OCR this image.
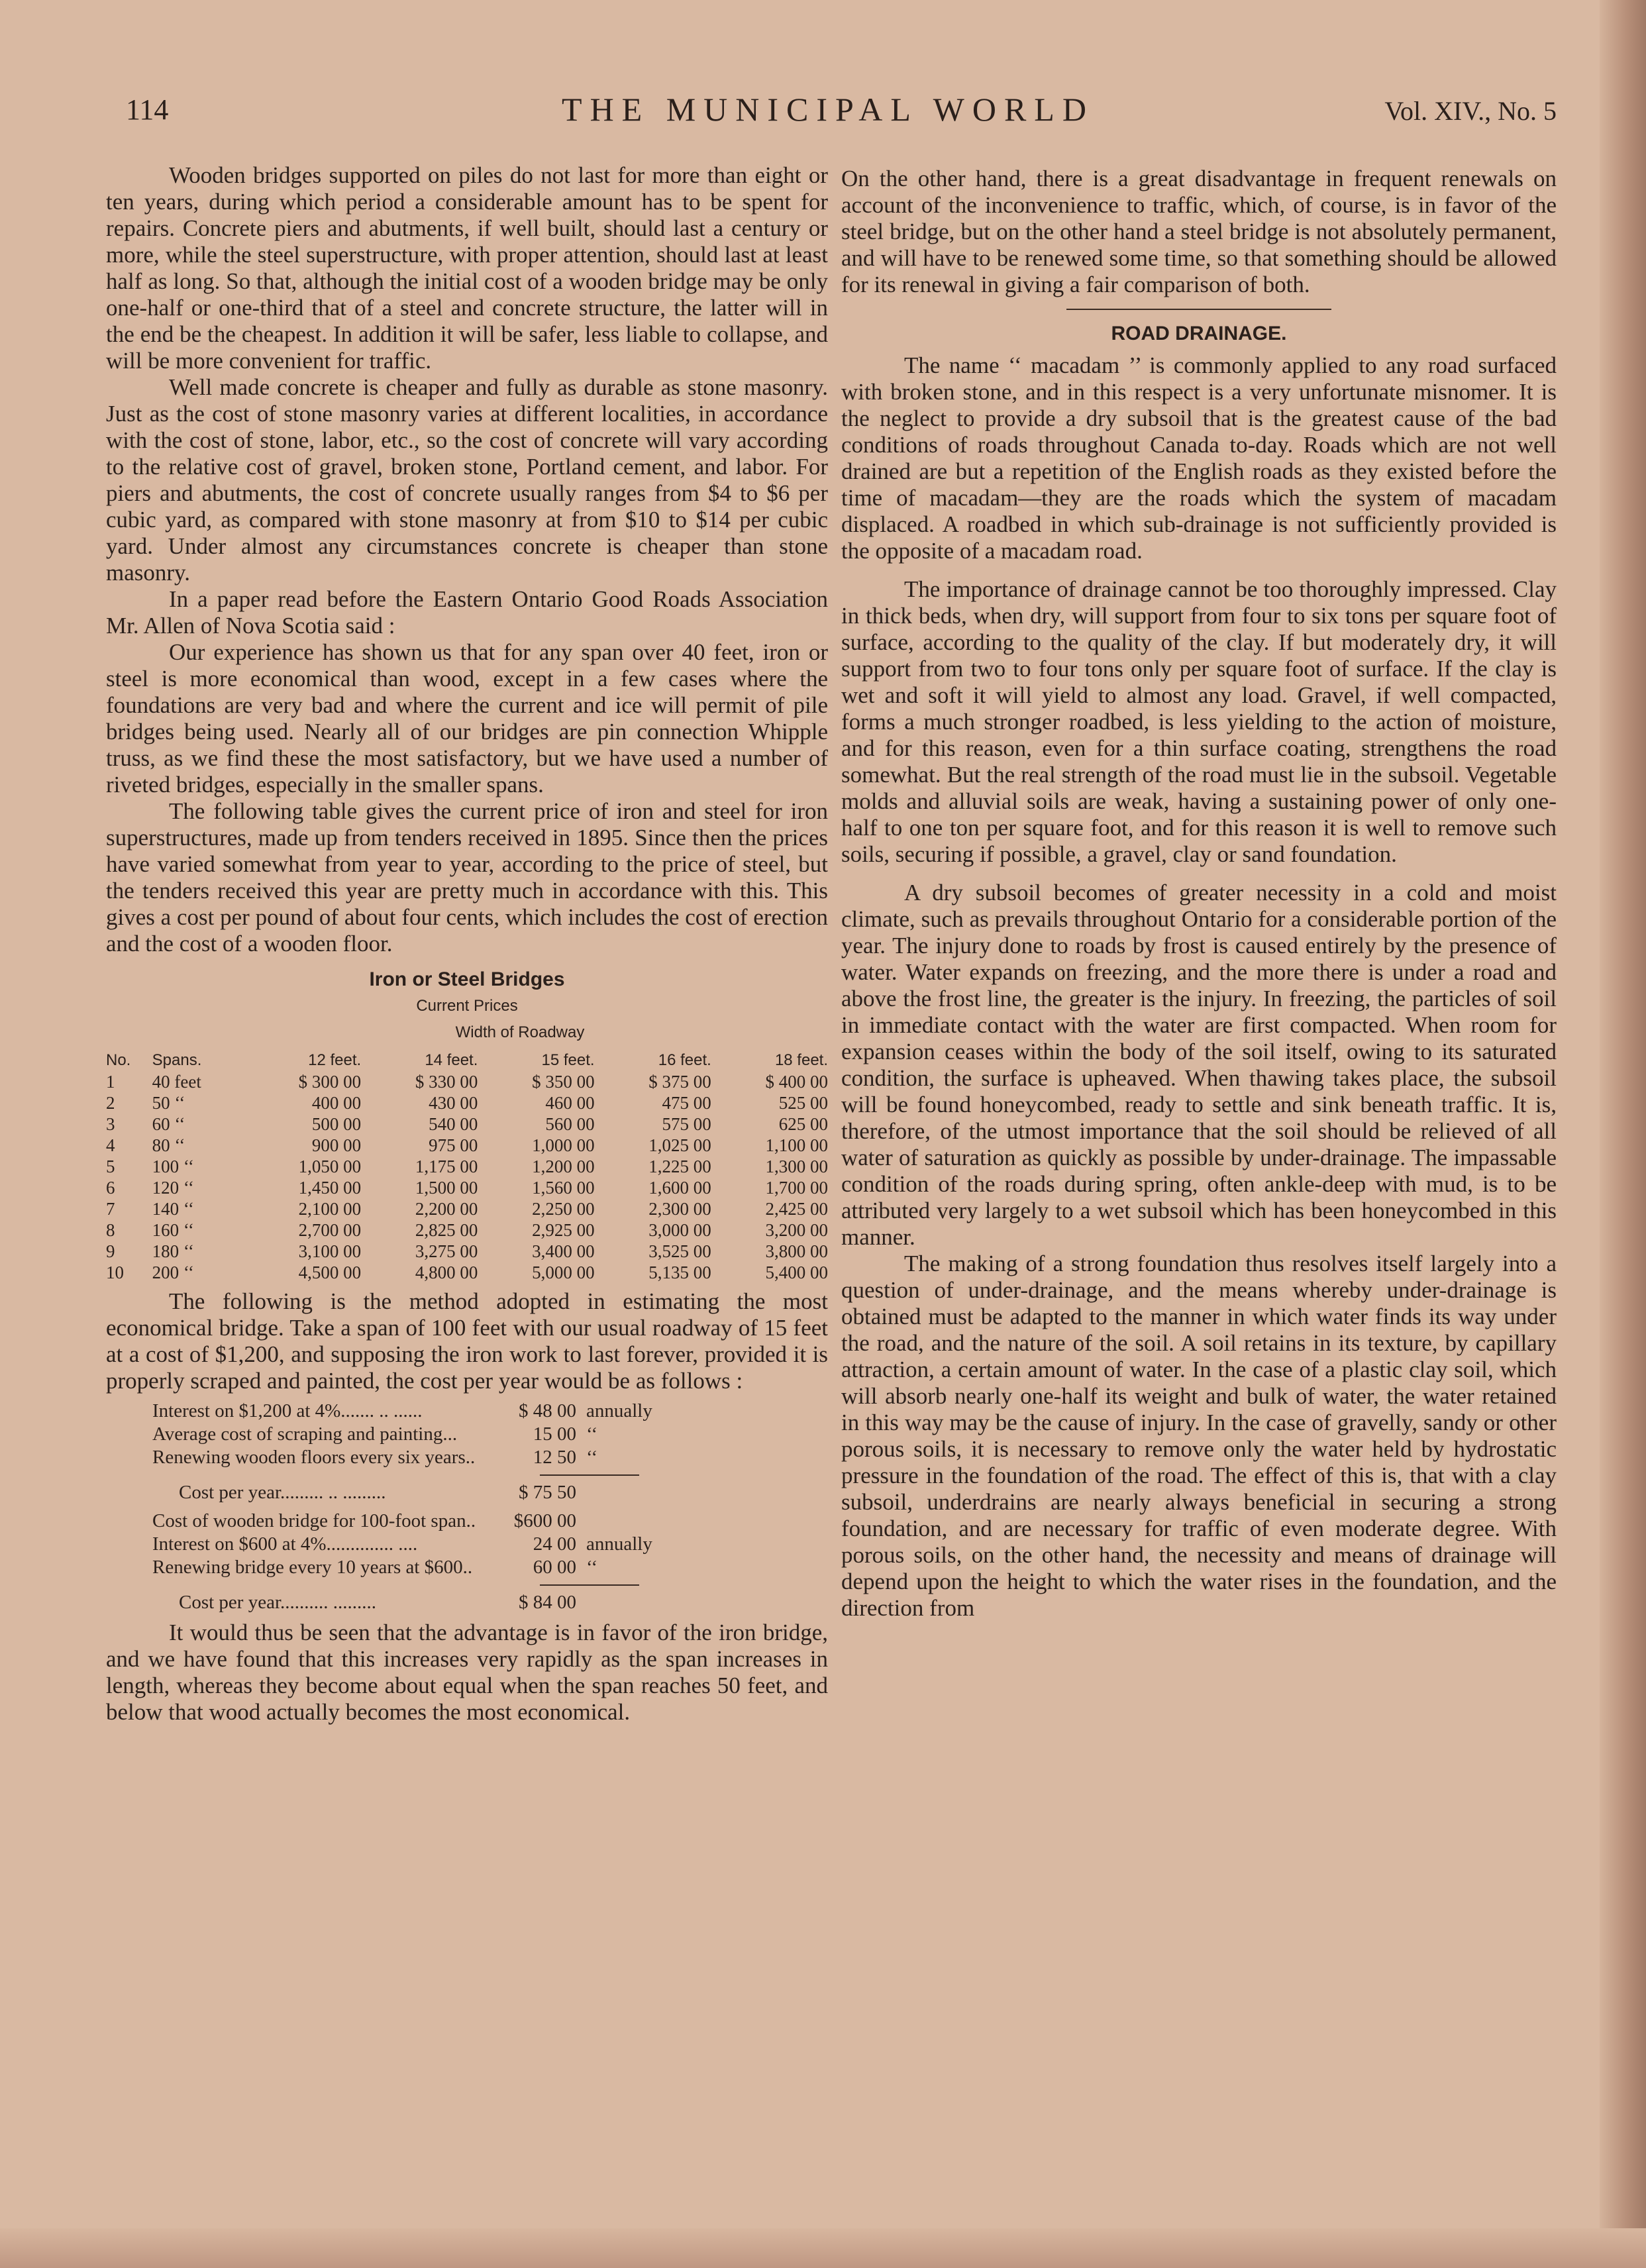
THE MUNICIPAL WORLD
114	Vol. XIV., No. 5

Wooden bridges supported on piles do not last for more than eight or ten years, during which period a considerable amount has to be spent for repairs. Concrete piers and abutments, if well built, should last a century or more, while the steel superstructure, with proper attention, should last at least half as long. So that, although the initial cost of a wooden bridge may be only one-half or one-third that of a steel and concrete structure, the latter will in the end be the cheapest. In addition it will be safer, less liable to collapse, and will be more convenient for traffic.

Well made concrete is cheaper and fully as durable as stone masonry. Just as the cost of stone masonry varies at different localities, in accordance with the cost of stone, labor, etc., so the cost of concrete will vary according to the relative cost of gravel, broken stone, Portland cement, and labor. For piers and abutments, the cost of concrete usually ranges from $4 to $6 per cubic yard, as compared with stone masonry at from $10 to $14 per cubic yard. Under almost any circumstances concrete is cheaper than stone masonry.

In a paper read before the Eastern Ontario Good Roads Association Mr. Allen of Nova Scotia said :

Our experience has shown us that for any span over 40 feet, iron or steel is more economical than wood, except in a few cases where the foundations are very bad and where the current and ice will permit of pile bridges being used. Nearly all of our bridges are pin connection Whipple truss, as we find these the most satisfactory, but we have used a number of riveted bridges, especially in the smaller spans.

The following table gives the current price of iron and steel for iron superstructures, made up from tenders received in 1895. Since then the prices have varied somewhat from year to year, according to the price of steel, but the tenders received this year are pretty much in accordance with this. This gives a cost per pound of about four cents, which includes the cost of erection and the cost of a wooden floor.

Iron or Steel Bridges
Current Prices
Width of Roadway
No.	Spans.	12 feet.	14 feet.	15 feet.	16 feet.	18 feet.
1	40 feet	$ 300 00	$ 330 00	$ 350 00	$ 375 00	$ 400 00
2	50 ‘‘	400 00	430 00	460 00	475 00	525 00
3	60 ‘‘	500 00	540 00	560 00	575 00	625 00
4	80 ‘‘	900 00	975 00	1,000 00	1,025 00	1,100 00
5	100 ‘‘	1,050 00	1,175 00	1,200 00	1,225 00	1,300 00
6	120 ‘‘	1,450 00	1,500 00	1,560 00	1,600 00	1,700 00
7	140 ‘‘	2,100 00	2,200 00	2,250 00	2,300 00	2,425 00
8	160 ‘‘	2,700 00	2,825 00	2,925 00	3,000 00	3,200 00
9	180 ‘‘	3,100 00	3,275 00	3,400 00	3,525 00	3,800 00
10	200 ‘‘	4,500 00	4,800 00	5,000 00	5,135 00	5,400 00

The following is the method adopted in estimating the most economical bridge. Take a span of 100 feet with our usual roadway of 15 feet at a cost of $1,200, and supposing the iron work to last forever, provided it is properly scraped and painted, the cost per year would be as follows :

Interest on $1,200 at 4%....... .. ......	$ 48 00 annually
Average cost of scraping and painting...	15 00 ‘‘
Renewing wooden floors every six years..	12 50 ‘‘
Cost per year......... .. .........	$ 75 50
Cost of wooden bridge for 100-foot span..	$600 00
Interest on $600 at 4%.............. ....	24 00 annually
Renewing bridge every 10 years at $600..	60 00 ‘‘
Cost per year.......... .........	$ 84 00

It would thus be seen that the advantage is in favor of the iron bridge, and we have found that this increases very rapidly as the span increases in length, whereas they become about equal when the span reaches 50 feet, and below that wood actually becomes the most economical.

On the other hand, there is a great disadvantage in frequent renewals on account of the inconvenience to traffic, which, of course, is in favor of the steel bridge, but on the other hand a steel bridge is not absolutely permanent, and will have to be renewed some time, so that something should be allowed for its renewal in giving a fair comparison of both.

ROAD DRAINAGE.

The name ‘‘ macadam ’’ is commonly applied to any road surfaced with broken stone, and in this respect is a very unfortunate misnomer. It is the neglect to provide a dry subsoil that is the greatest cause of the bad conditions of roads throughout Canada to-day. Roads which are not well drained are but a repetition of the English roads as they existed before the time of macadam—they are the roads which the system of macadam displaced. A roadbed in which sub-drainage is not sufficiently provided is the opposite of a macadam road.

The importance of drainage cannot be too thoroughly impressed. Clay in thick beds, when dry, will support from four to six tons per square foot of surface, according to the quality of the clay. If but moderately dry, it will support from two to four tons only per square foot of surface. If the clay is wet and soft it will yield to almost any load. Gravel, if well compacted, forms a much stronger roadbed, is less yielding to the action of moisture, and for this reason, even for a thin surface coating, strengthens the road somewhat. But the real strength of the road must lie in the subsoil. Vegetable molds and alluvial soils are weak, having a sustaining power of only one-half to one ton per square foot, and for this reason it is well to remove such soils, securing if possible, a gravel, clay or sand foundation.

A dry subsoil becomes of greater necessity in a cold and moist climate, such as prevails throughout Ontario for a considerable portion of the year. The injury done to roads by frost is caused entirely by the presence of water. Water expands on freezing, and the more there is under a road and above the frost line, the greater is the injury. In freezing, the particles of soil in immediate contact with the water are first compacted. When room for expansion ceases within the body of the soil itself, owing to its saturated condition, the surface is upheaved. When thawing takes place, the subsoil will be found honeycombed, ready to settle and sink beneath traffic. It is, therefore, of the utmost importance that the soil should be relieved of all water of saturation as quickly as possible by under-drainage. The impassable condition of the roads during spring, often ankle-deep with mud, is to be attributed very largely to a wet subsoil which has been honeycombed in this manner.

The making of a strong foundation thus resolves itself largely into a question of under-drainage, and the means whereby under-drainage is obtained must be adapted to the manner in which water finds its way under the road, and the nature of the soil. A soil retains in its texture, by capillary attraction, a certain amount of water. In the case of a plastic clay soil, which will absorb nearly one-half its weight and bulk of water, the water retained in this way may be the cause of injury. In the case of gravelly, sandy or other porous soils, it is necessary to remove only the water held by hydrostatic pressure in the foundation of the road. The effect of this is, that with a clay subsoil, underdrains are nearly always beneficial in securing a strong foundation, and are necessary for traffic of even moderate degree. With porous soils, on the other hand, the necessity and means of drainage will depend upon the height to which the water rises in the foundation, and the direction from
